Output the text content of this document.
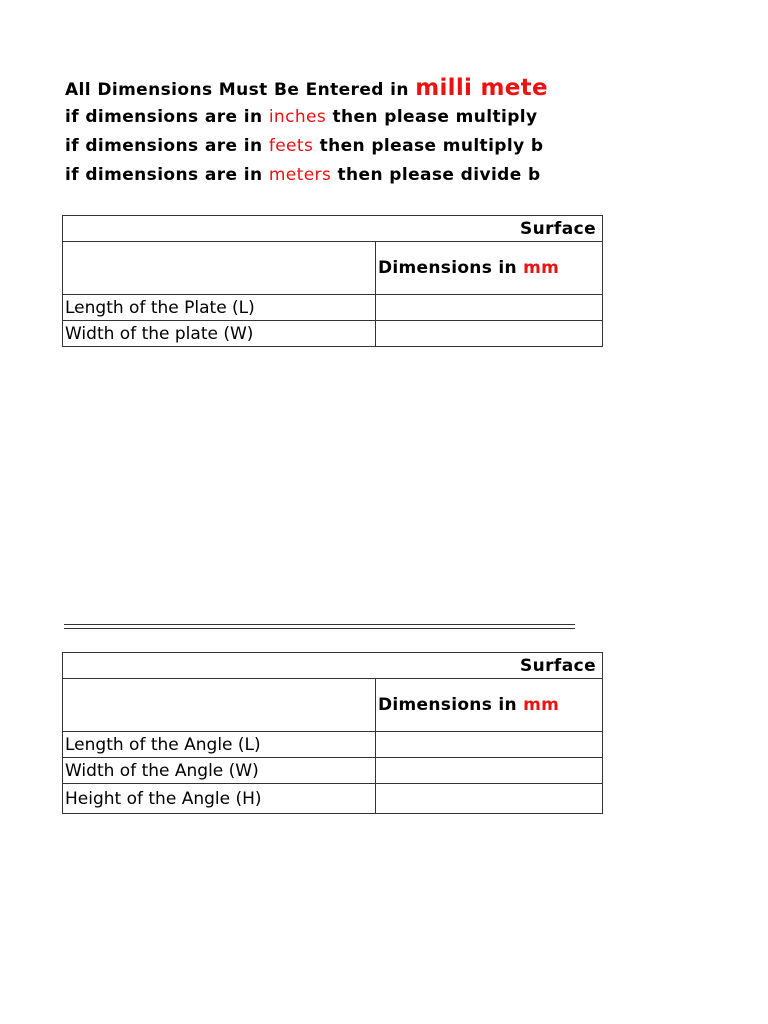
All Dimensions Must Be Entered in milli mete
if dimensions are in inches then please multiply
if dimensions are in feets then please multiply b
if dimensions are in meters then please divide b
Surface	
	Dimensions in mm
Length of the Plate (L)	
Width of the plate (W)	
Surface	
	Dimensions in mm
Length of the Angle (L)	
Width of the Angle (W)	
Height of the Angle (H)	
